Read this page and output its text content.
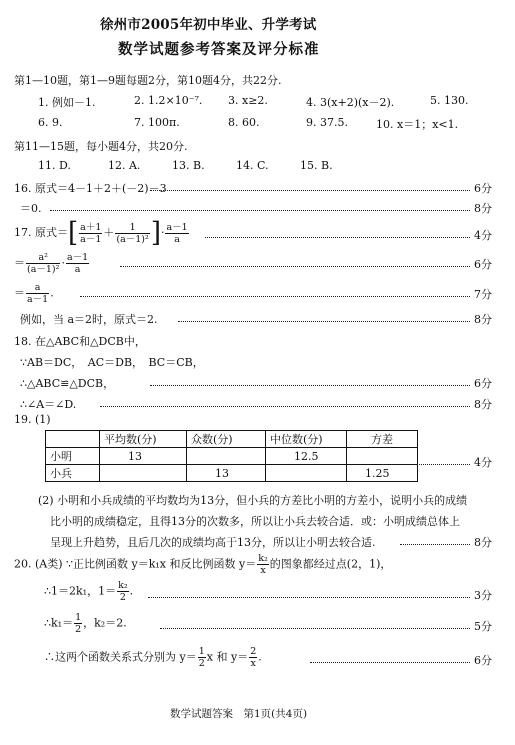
徐州市2005年初中毕业、升学考试
数学试题参考答案及评分标准
第1—10题，第1—9题每题2分，第10题4分，共22分.
1. 例如－1.	2. 1.2×10⁻⁷. 3. x≥2.	4. 3(x+2)(x－2).	5. 130.
6. 9.	7. 100π.	8. 60.	9. 37.5.	10. x＝1；x<1.
第11—15题，每小题4分，共20分.
11. D.	12. A.	13. B.	14. C.	15. B.
16. 原式＝4－1＋2＋(－2)－3	6分
＝0.	8分
17. 原式＝[ $\frac{a+1}{a-1} + \frac{1}{\text{(a－1)²}}$ ]· $\frac{a-1}{a}$	4分
＝ $\frac{\text{a²}}{\text{(a－1)²}} \cdot \frac{a-1}{a}$	6分
＝ $\frac{a}{a-1}$ .	7分
例如，当 a＝2时，原式＝2.	8分
18. 在△ABC和△DCB中，
∵AB＝DC，　AC＝DB，　BC＝CB，
∴△ABC≌△DCB，	6分
∴∠A＝∠D.	8分
19. (1)
	平均数(分)	众数(分)	中位数(分)	方差
小明	13		12.5	
小兵		13		1.25
4分
(2) 小明和小兵成绩的平均数均为13分，但小兵的方差比小明的方差小，说明小兵的成绩
比小明的成绩稳定，且得13分的次数多，所以让小兵去较合适．或：小明成绩总体上
呈现上升趋势，且后几次的成绩均高于13分，所以让小明去较合适.	8分
20. (A类) ∵正比例函数 y＝k₁x 和反比例函数 $y= \frac{\text{k₂}}{x}$ 的图象都经过点(2，1)，
∴1＝2k₁，$1= \frac{\text{k₂}}{2}$ .	3分
∴k₁＝ $\frac{1}{2}$ ，k₂＝2.	5分
∴这两个函数关系式分别为 $y= \frac{1}{2}$ x 和 $y= \frac{2}{x}$ .	6分
数学试题答案　第1页(共4页)
